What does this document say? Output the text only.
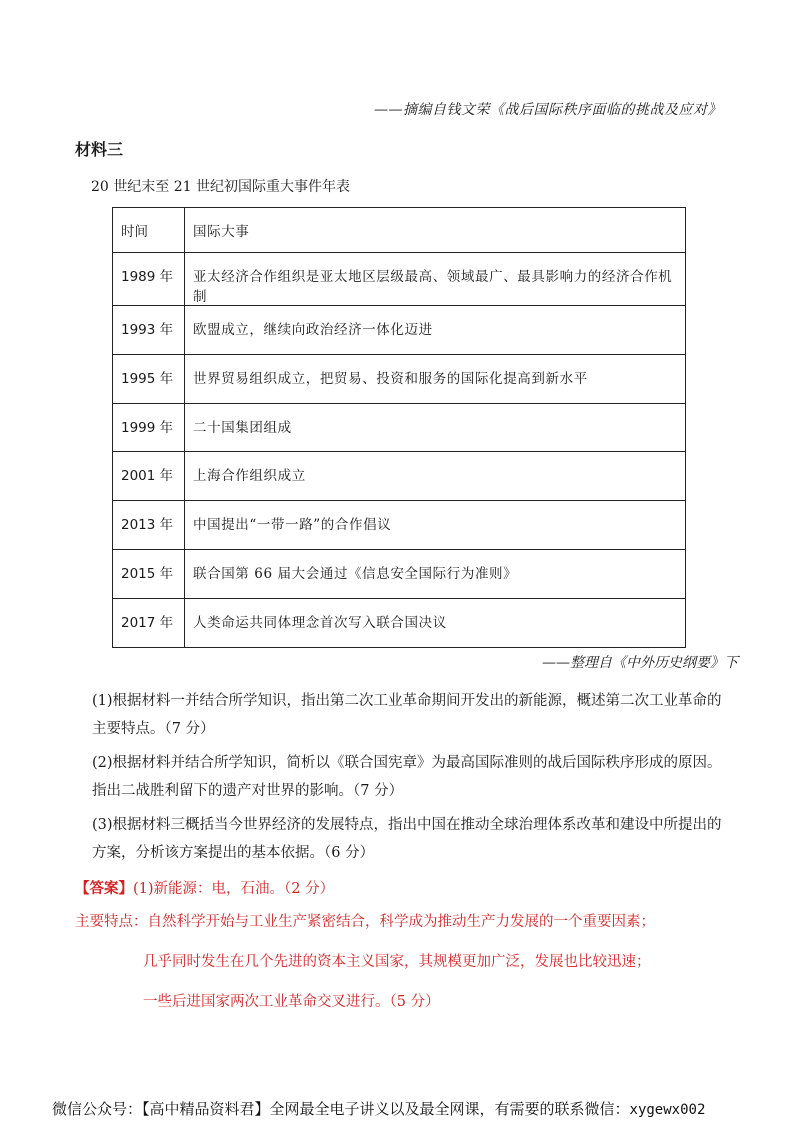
——摘编自钱文荣《战后国际秩序面临的挑战及应对》
材料三
20 世纪末至 21 世纪初国际重大事件年表
时间	国际大事
1989 年	亚太经济合作组织是亚太地区层级最高、领域最广、最具影响力的经济合作机制
1993 年	欧盟成立，继续向政治经济一体化迈进
1995 年	世界贸易组织成立，把贸易、投资和服务的国际化提高到新水平
1999 年	二十国集团组成
2001 年	上海合作组织成立
2013 年	中国提出“一带一路”的合作倡议
2015 年	联合国第 66 届大会通过《信息安全国际行为准则》
2017 年	人类命运共同体理念首次写入联合国决议
——整理自《中外历史纲要》下
(1)根据材料一并结合所学知识，指出第二次工业革命期间开发出的新能源，概述第二次工业革命的主要特点。（7 分）
(2)根据材料并结合所学知识，简析以《联合国宪章》为最高国际准则的战后国际秩序形成的原因。指出二战胜利留下的遗产对世界的影响。（7 分）
(3)根据材料三概括当今世界经济的发展特点，指出中国在推动全球治理体系改革和建设中所提出的方案，分析该方案提出的基本依据。（6 分）
【答案】(1)新能源：电，石油。（2 分）
主要特点：自然科学开始与工业生产紧密结合，科学成为推动生产力发展的一个重要因素；
几乎同时发生在几个先进的资本主义国家，其规模更加广泛，发展也比较迅速；
一些后进国家两次工业革命交叉进行。（5 分）
微信公众号：【高中精品资料君】全网最全电子讲义以及最全网课，有需要的联系微信：xygewx002
